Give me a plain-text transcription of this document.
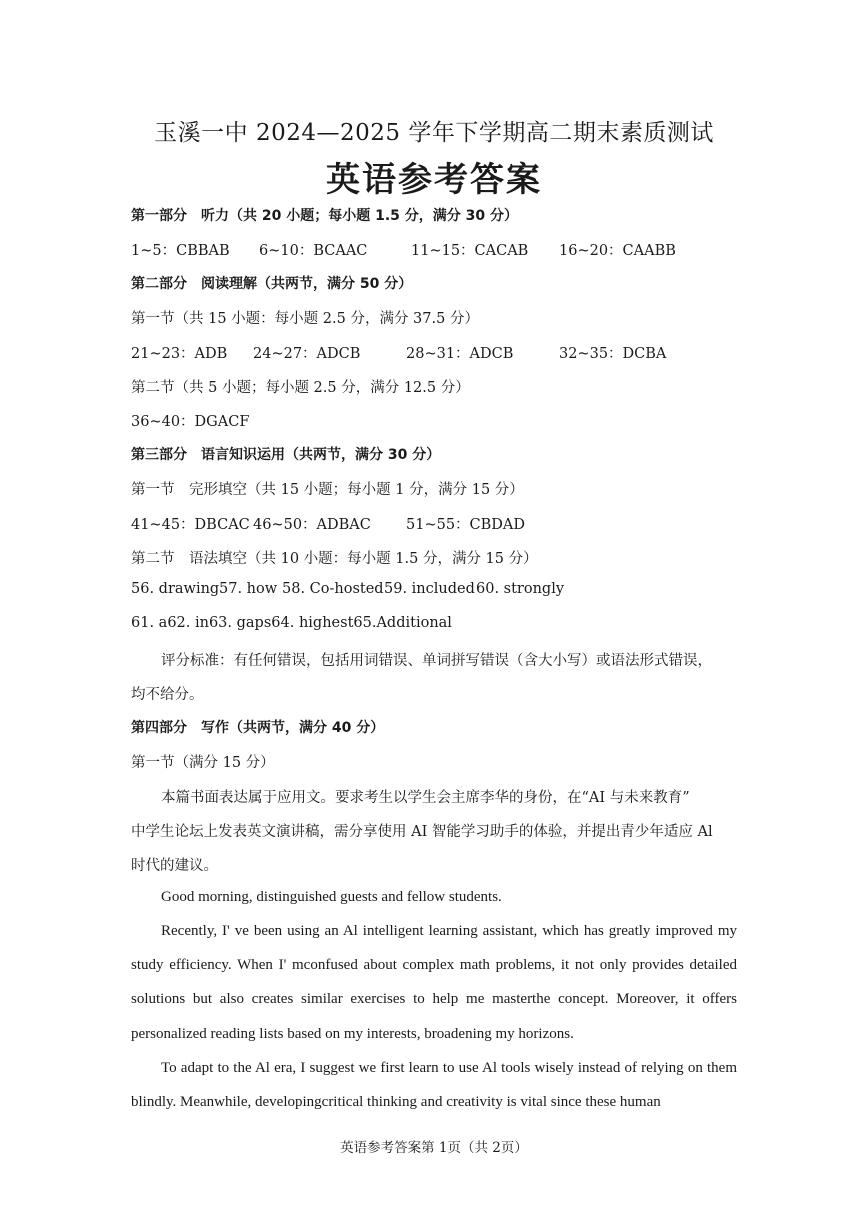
玉溪一中 2024—2025 学年下学期高二期末素质测试
英语参考答案
第一部分　听力（共 20 小题；每小题 1.5 分，满分 30 分）
1~5：CBBAB 6~10：BCAAC	11~15：CACAB 16~20：CAABB
第二部分　阅读理解（共两节，满分 50 分）
第一节（共 15 小题：每小题 2.5 分，满分 37.5 分）
21~23：ADB 24~27：ADCB	28~31：ADCB	32~35：DCBA
第二节（共 5 小题；每小题 2.5 分，满分 12.5 分）
36~40：DGACF
第三部分　语言知识运用（共两节，满分 30 分）
第一节　完形填空（共 15 小题；每小题 1 分，满分 15 分）
41~45：DBCAC 46~50：ADBAC 51~55：CBDAD
第二节　语法填空（共 10 小题：每小题 1.5 分，满分 15 分）
56. drawing 57. how 58. Co-hosted 59. included 60. strongly
61. a62. in63. gaps64. highest65.Additional
评分标准：有任何错误，包括用词错误、单词拼写错误（含大小写）或语法形式错误，
均不给分。
第四部分　写作（共两节，满分 40 分）
第一节（满分 15 分）
本篇书面表达属于应用文。要求考生以学生会主席李华的身份，在“AI 与未来教育”
中学生论坛上发表英文演讲稿，需分享使用 AI 智能学习助手的体验，并提出青少年适应 Al
时代的建议。
Good morning, distinguished guests and fellow students.
Recently, I' ve been using an Al intelligent learning assistant, which has greatly improved my study efficiency. When I' mconfused about complex math problems, it not only provides detailed solutions but also creates similar exercises to help me masterthe concept. Moreover, it offers personalized reading lists based on my interests, broadening my horizons.
To adapt to the Al era, I suggest we first learn to use Al tools wisely instead of relying on them blindly. Meanwhile, developingcritical thinking and creativity is vital since these human
英语参考答案第 1页（共 2页）
